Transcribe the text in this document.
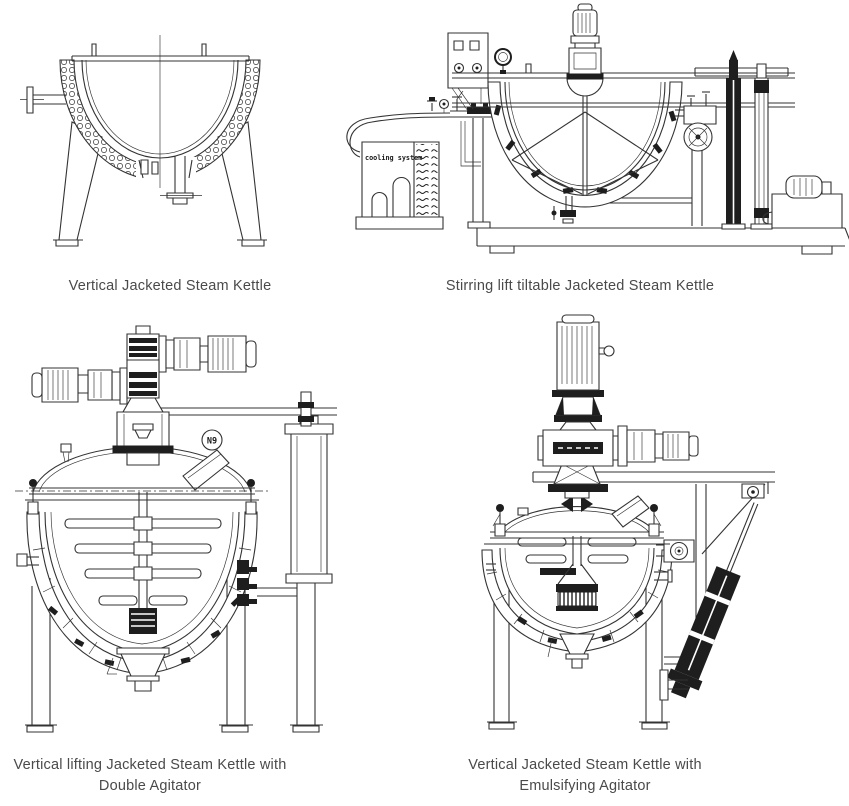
Vertical Jacketed Steam Kettle
cooling system
Stirring lift tiltable Jacketed Steam Kettle
N9
Vertical lifting Jacketed Steam Kettle with
Double Agitator
Vertical Jacketed Steam Kettle with
Emulsifying Agitator
